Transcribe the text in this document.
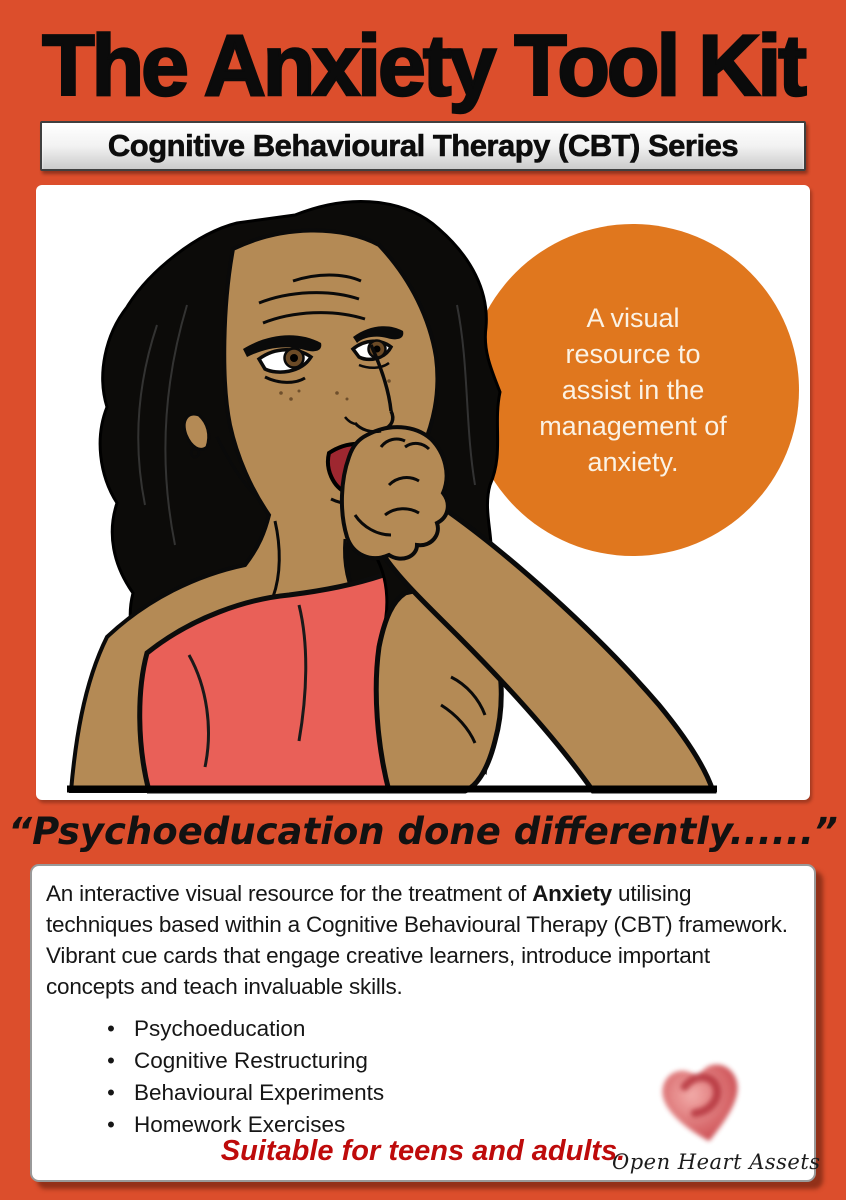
The Anxiety Tool Kit
Cognitive Behavioural Therapy (CBT) Series
A visual
resource to
assist in the
management of
anxiety.
“Psychoeducation done differently......”
An interactive visual resource for the treatment of Anxiety utilising techniques based within a Cognitive Behavioural Therapy (CBT) framework. Vibrant cue cards that engage creative learners, introduce important concepts and teach invaluable skills.
• Psychoeducation
• Cognitive Restructuring
• Behavioural Experiments
• Homework Exercises
Suitable for teens and adults.
Open Heart Assets
